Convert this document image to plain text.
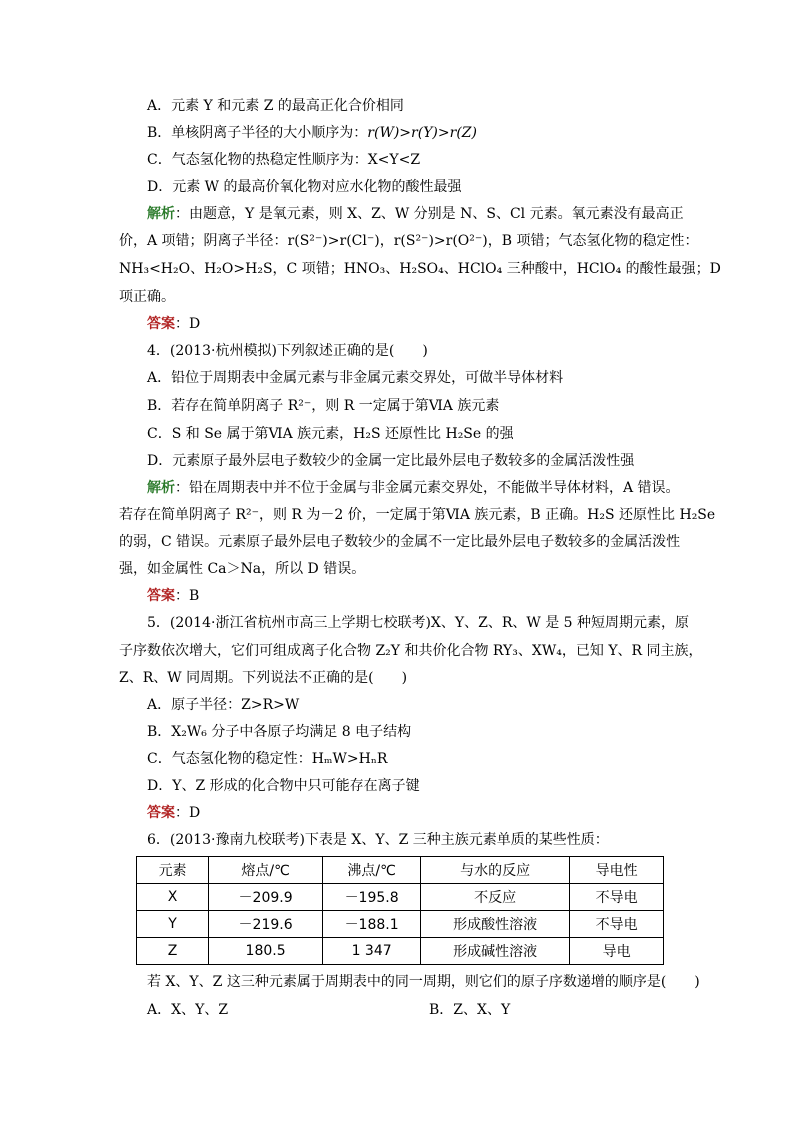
A．元素 Y 和元素 Z 的最高正化合价相同
B．单核阴离子半径的大小顺序为：r(W)>r(Y)>r(Z)
C．气态氢化物的热稳定性顺序为：X<Y<Z
D．元素 W 的最高价氧化物对应水化物的酸性最强
解析：由题意，Y 是氧元素，则 X、Z、W 分别是 N、S、Cl 元素。氧元素没有最高正
价，A 项错；阴离子半径：r(S²⁻)>r(Cl⁻)，r(S²⁻)>r(O²⁻)，B 项错；气态氢化物的稳定性：
NH₃<H₂O、H₂O>H₂S，C 项错；HNO₃、H₂SO₄、HClO₄ 三种酸中，HClO₄ 的酸性最强；D
项正确。
答案：D
4．(2013·杭州模拟)下列叙述正确的是(　　)
A．铅位于周期表中金属元素与非金属元素交界处，可做半导体材料
B．若存在简单阴离子 R²⁻，则 R 一定属于第ⅥA 族元素
C．S 和 Se 属于第ⅥA 族元素，H₂S 还原性比 H₂Se 的强
D．元素原子最外层电子数较少的金属一定比最外层电子数较多的金属活泼性强
解析：铅在周期表中并不位于金属与非金属元素交界处，不能做半导体材料，A 错误。
若存在简单阴离子 R²⁻，则 R 为－2 价，一定属于第ⅥA 族元素，B 正确。H₂S 还原性比 H₂Se
的弱，C 错误。元素原子最外层电子数较少的金属不一定比最外层电子数较多的金属活泼性
强，如金属性 Ca＞Na，所以 D 错误。
答案：B
5．(2014·浙江省杭州市高三上学期七校联考)X、Y、Z、R、W 是 5 种短周期元素，原
子序数依次增大，它们可组成离子化合物 Z₂Y 和共价化合物 RY₃、XW₄，已知 Y、R 同主族，
Z、R、W 同周期。下列说法不正确的是(　　)
A．原子半径：Z>R>W
B．X₂W₆ 分子中各原子均满足 8 电子结构
C．气态氢化物的稳定性：HₘW>HₙR
D．Y、Z 形成的化合物中只可能存在离子键
答案：D
6．(2013·豫南九校联考)下表是 X、Y、Z 三种主族元素单质的某些性质：
元素	熔点/℃	沸点/℃	与水的反应	导电性
X	－209.9	－195.8	不反应	不导电
Y	－219.6	－188.1	形成酸性溶液	不导电
Z	180.5	1 347	形成碱性溶液	导电
若 X、Y、Z 这三种元素属于周期表中的同一周期，则它们的原子序数递增的顺序是(　　)
A．X、Y、Z	B．Z、X、Y
